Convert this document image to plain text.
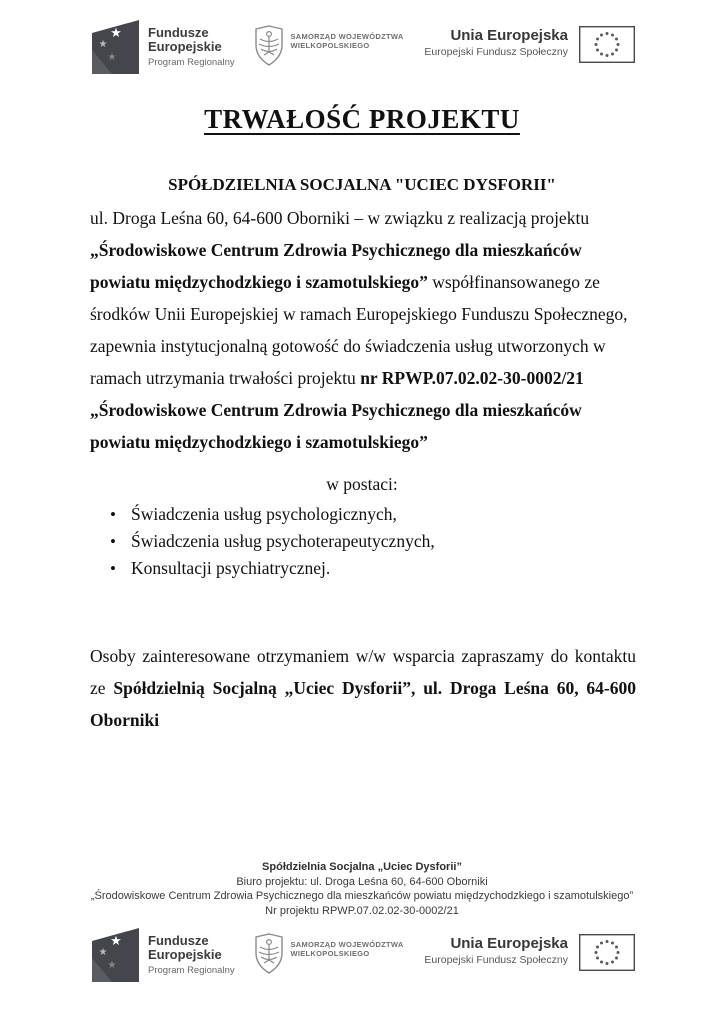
★
★
★
Fundusze
Europejskie
Program Regionalny
SAMORZĄD WOJEWÓDZTWA
WIELKOPOLSKIEGO
Unia Europejska
Europejski Fundusz Społeczny
TRWAŁOŚĆ PROJEKTU
SPÓŁDZIELNIA SOCJALNA "UCIEC DYSFORII"
ul. Droga Leśna 60, 64-600 Oborniki – w związku z realizacją projektu „Środowiskowe Centrum Zdrowia Psychicznego dla mieszkańców powiatu międzychodzkiego i szamotulskiego” współfinansowanego ze środków Unii Europejskiej w ramach Europejskiego Funduszu Społecznego, zapewnia instytucjonalną gotowość do świadczenia usług utworzonych w ramach utrzymania trwałości projektu nr RPWP.07.02.02-30-0002/21 „Środowiskowe Centrum Zdrowia Psychicznego dla mieszkańców powiatu międzychodzkiego i szamotulskiego”
w postaci:
• Świadczenia usług psychologicznych,
• Świadczenia usług psychoterapeutycznych,
• Konsultacji psychiatrycznej.
Osoby zainteresowane otrzymaniem w/w wsparcia zapraszamy do kontaktu ze Spółdzielnią Socjalną „Uciec Dysforii”, ul. Droga Leśna 60, 64-600 Oborniki
Spółdzielnia Socjalna „Uciec Dysforii”
Biuro projektu: ul. Droga Leśna 60, 64-600 Oborniki
„Środowiskowe Centrum Zdrowia Psychicznego dla mieszkańców powiatu międzychodzkiego i szamotulskiego”
Nr projektu RPWP.07.02.02-30-0002/21
★
★
★
Fundusze
Europejskie
Program Regionalny
SAMORZĄD WOJEWÓDZTWA
WIELKOPOLSKIEGO
Unia Europejska
Europejski Fundusz Społeczny
